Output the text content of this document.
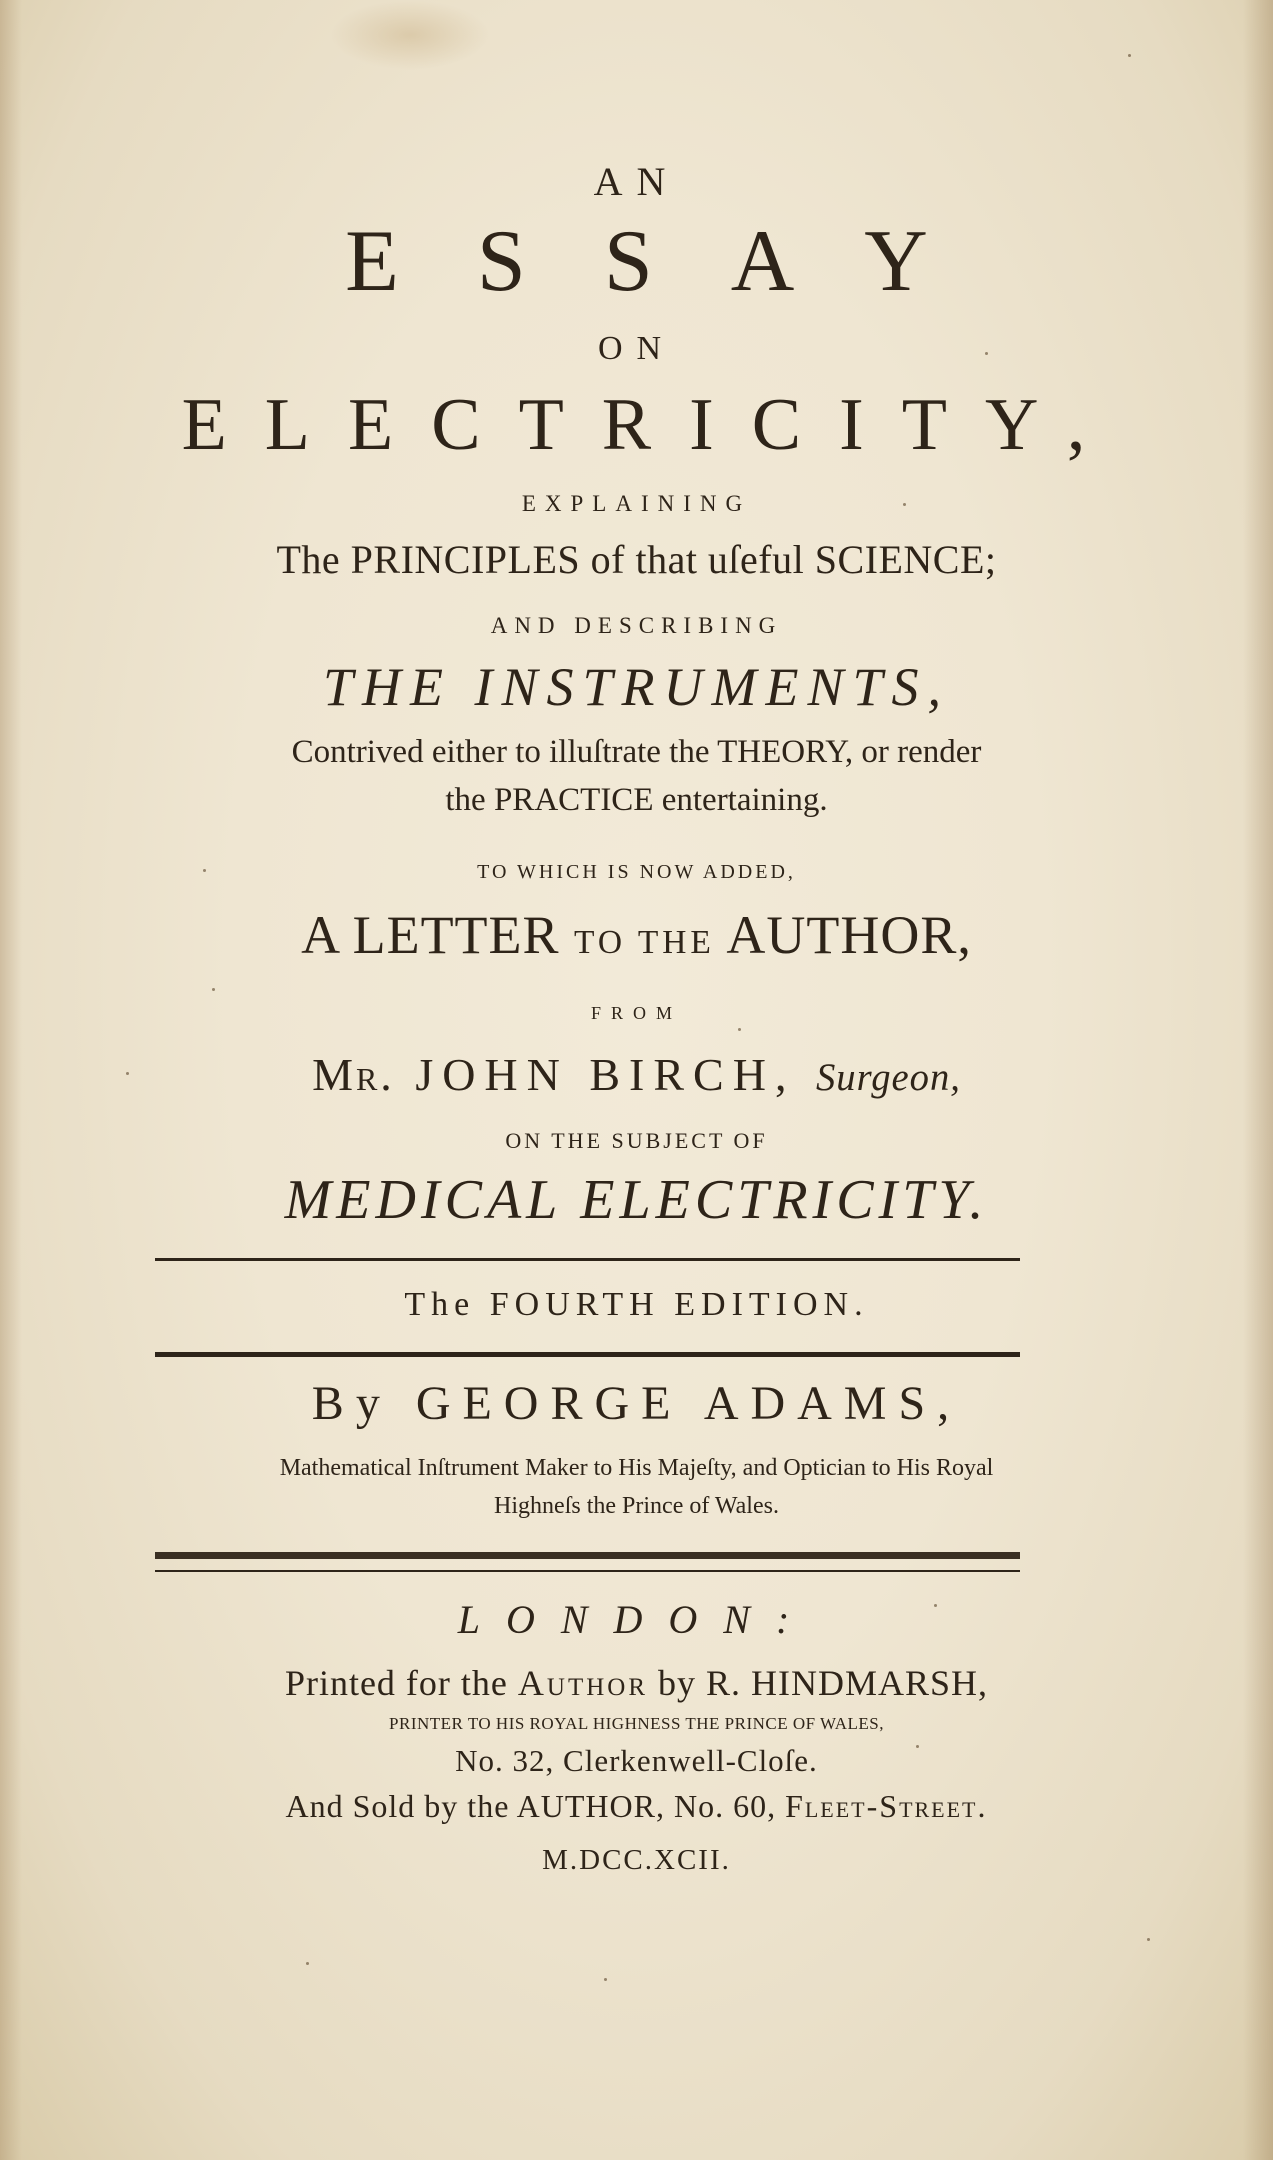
AN
ESSAY
ON
ELECTRICITY,
EXPLAINING
The PRINCIPLES of that uſeful SCIENCE;
AND DESCRIBING
THE INSTRUMENTS,
Contrived either to illuſtrate the THEORY, or render
the PRACTICE entertaining.
TO WHICH IS NOW ADDED,
A LETTER TO THE AUTHOR,
FROM
Mr. JOHN BIRCH, Surgeon,
ON THE SUBJECT OF
MEDICAL ELECTRICITY.
The FOURTH EDITION.
By GEORGE ADAMS,
Mathematical Inſtrument Maker to His Majeſty, and Optician to His Royal
Highneſs the Prince of Wales.
LONDON:
Printed for the Author by R. HINDMARSH,
PRINTER TO HIS ROYAL HIGHNESS THE PRINCE OF WALES,
No. 32, Clerkenwell-Cloſe.
And Sold by the AUTHOR, No. 60, Fleet-Street.
M.DCC.XCII.
